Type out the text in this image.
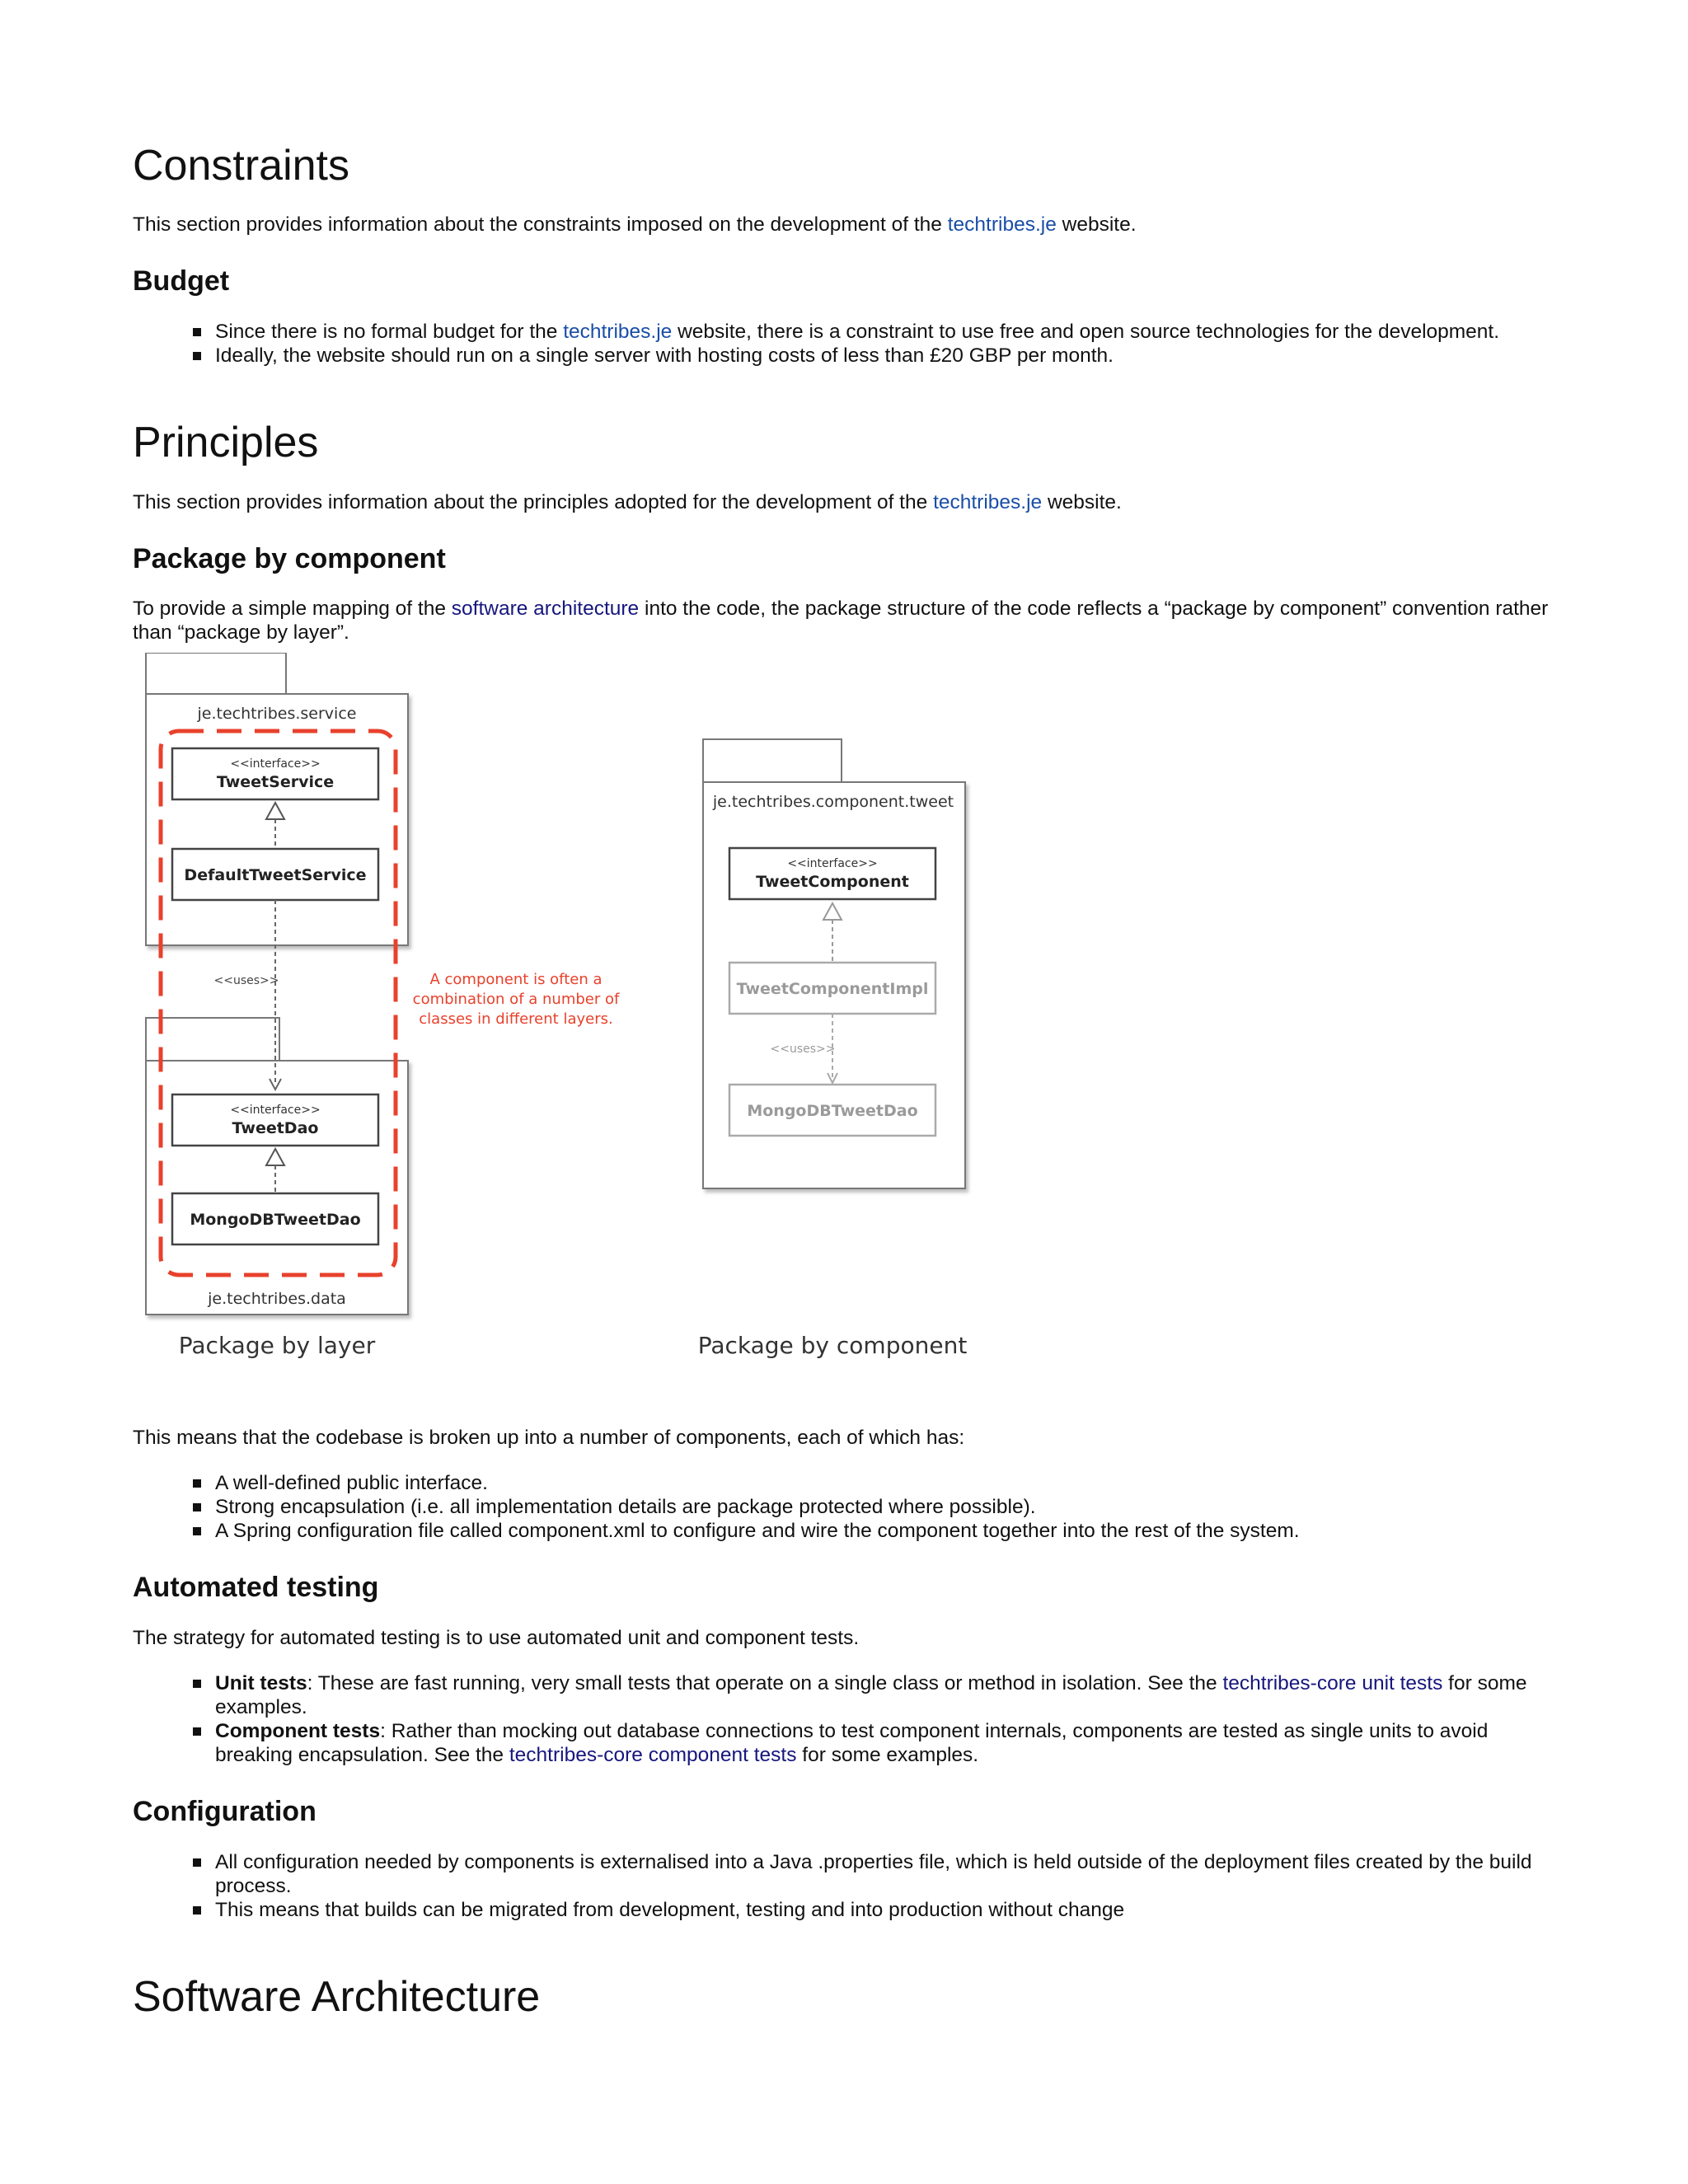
Constraints

This section provides information about the constraints imposed on the development of the techtribes.je website.

Budget
Since there is no formal budget for the techtribes.je website, there is a constraint to use free and open source technologies for the development.
Ideally, the website should run on a single server with hosting costs of less than £20 GBP per month.
Principles

This section provides information about the principles adopted for the development of the techtribes.je website.

Package by component

To provide a simple mapping of the software architecture into the code, the package structure of the code reflects a “package by component” convention rather than “package by layer”.

je.techtribes.service
je.techtribes.data
<<interface>>
TweetService
DefaultTweetService
<<uses>>
<<interface>>
TweetDao
MongoDBTweetDao
A component is often a
combination of a number of
classes in different layers.
Package by layer
je.techtribes.component.tweet
<<interface>>
TweetComponent
TweetComponentImpl
<<uses>>
MongoDBTweetDao
Package by component

This means that the codebase is broken up into a number of components, each of which has:

A well-defined public interface.
Strong encapsulation (i.e. all implementation details are package protected where possible).
A Spring configuration file called component.xml to configure and wire the component together into the rest of the system.
Automated testing

The strategy for automated testing is to use automated unit and component tests.

Unit tests: These are fast running, very small tests that operate on a single class or method in isolation. See the techtribes-core unit tests for some examples.
Component tests: Rather than mocking out database connections to test component internals, components are tested as single units to avoid breaking encapsulation. See the techtribes-core component tests for some examples.
Configuration
All configuration needed by components is externalised into a Java .properties file, which is held outside of the deployment files created by the build process.
This means that builds can be migrated from development, testing and into production without change
Software Architecture
